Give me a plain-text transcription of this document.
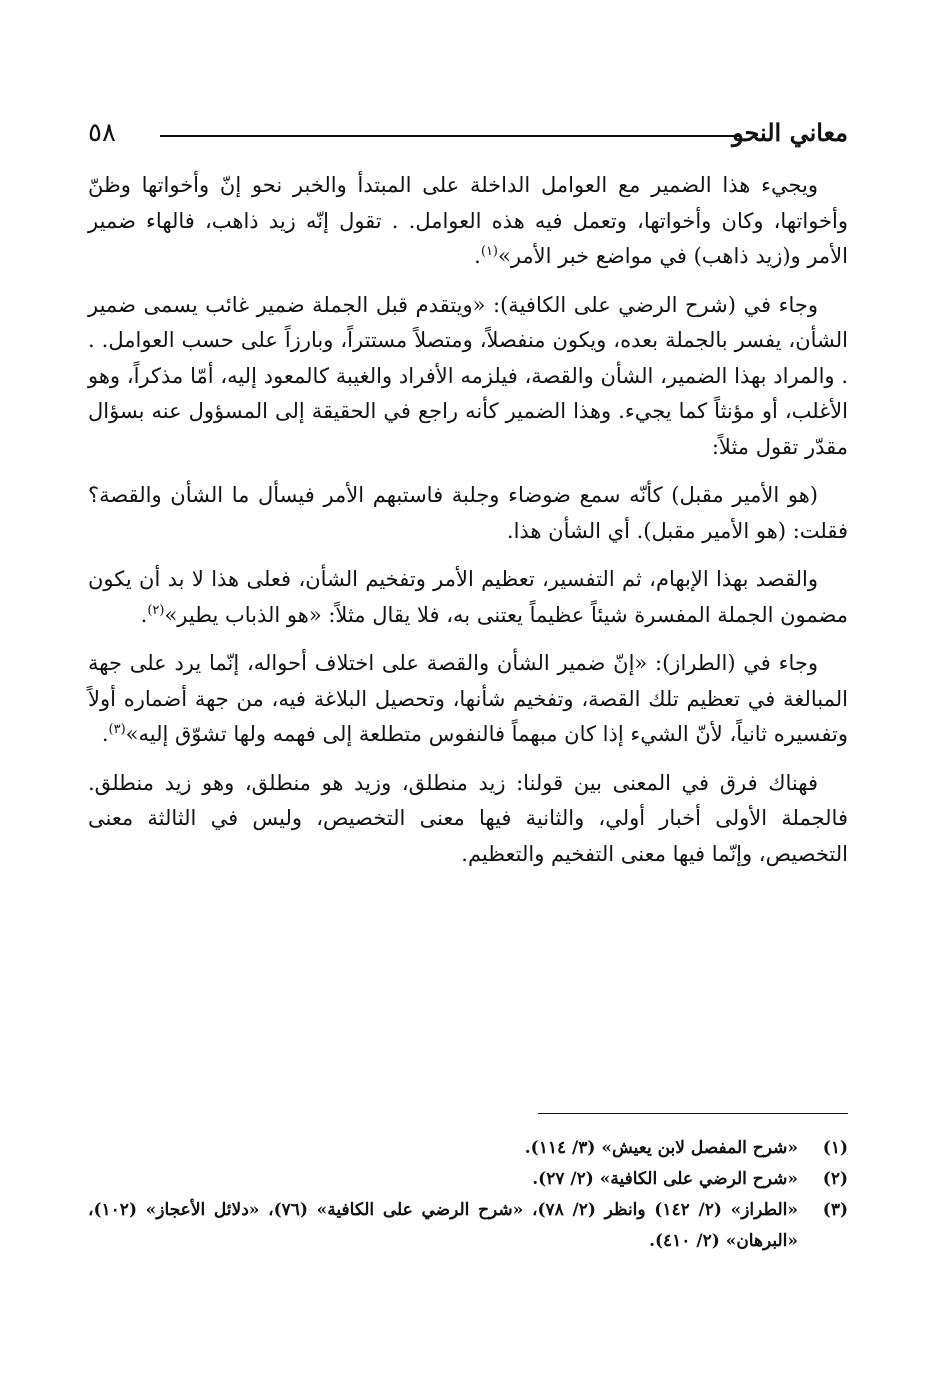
٥٨	معاني النحو

ويجيء هذا الضمير مع العوامل الداخلة على المبتدأ والخبر نحو إنّ وأخواتها وظنّ وأخواتها، وكان وأخواتها، وتعمل فيه هذه العوامل. . تقول إنّه زيد ذاهب، فالهاء ضمير الأمر و(زيد ذاهب) في مواضع خبر الأمر»$^{(١)}$.

وجاء في (شرح الرضي على الكافية): «ويتقدم قبل الجملة ضمير غائب يسمى ضمير الشأن، يفسر بالجملة بعده، ويكون منفصلاً، ومتصلاً مستتراً، وبارزاً على حسب العوامل. . . والمراد بهذا الضمير، الشأن والقصة، فيلزمه الأفراد والغيبة كالمعود إليه، أمّا مذكراً، وهو الأغلب، أو مؤنثاً كما يجيء. وهذا الضمير كأنه راجع في الحقيقة إلى المسؤول عنه بسؤال مقدّر تقول مثلاً:

(هو الأمير مقبل) كأنّه سمع ضوضاء وجلبة فاستبهم الأمر فيسأل ما الشأن والقصة؟ فقلت: (هو الأمير مقبل). أي الشأن هذا.

والقصد بهذا الإبهام، ثم التفسير، تعظيم الأمر وتفخيم الشأن، فعلى هذا لا بد أن يكون مضمون الجملة المفسرة شيئاً عظيماً يعتنى به، فلا يقال مثلاً: «هو الذباب يطير»$^{(٢)}$.

وجاء في (الطراز): «إنّ ضمير الشأن والقصة على اختلاف أحواله، إنّما يرد على جهة المبالغة في تعظيم تلك القصة، وتفخيم شأنها، وتحصيل البلاغة فيه، من جهة أضماره أولاً وتفسيره ثانياً، لأنّ الشيء إذا كان مبهماً فالنفوس متطلعة إلى فهمه ولها تشوّق إليه»$^{(٣)}$.

فهناك فرق في المعنى بين قولنا: زيد منطلق، وزيد هو منطلق، وهو زيد منطلق. فالجملة الأولى أخبار أولي، والثانية فيها معنى التخصيص، وليس في الثالثة معنى التخصيص، وإنّما فيها معنى التفخيم والتعظيم.

(١)
«شرح المفصل لابن يعيش» (٣/ ١١٤).
(٢)
«شرح الرضي على الكافية» (٢/ ٢٧).
(٣)
«الطراز» (٢/ ١٤٢) وانظر (٢/ ٧٨)، «شرح الرضي على الكافية» (٧٦)، «دلائل الأعجاز» (١٠٢)، «البرهان» (٢/ ٤١٠).
